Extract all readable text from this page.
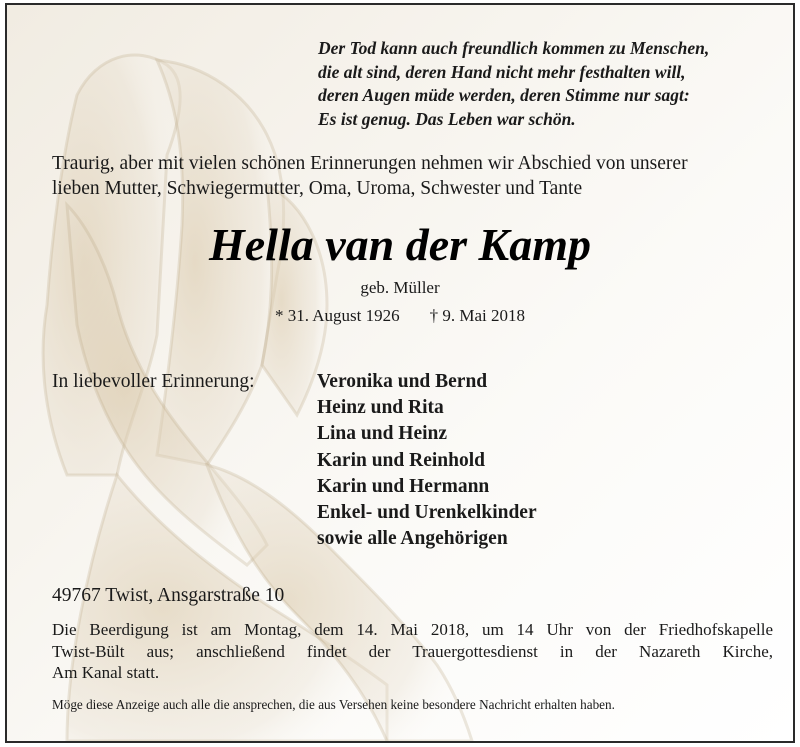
Der Tod kann auch freundlich kommen zu Menschen,
die alt sind, deren Hand nicht mehr festhalten will,
deren Augen müde werden, deren Stimme nur sagt:
Es ist genug. Das Leben war schön.
Traurig, aber mit vielen schönen Erinnerungen nehmen wir Abschied von unserer
lieben Mutter, Schwiegermutter, Oma, Uroma, Schwester und Tante
Hella van der Kamp
geb. Müller
* 31. August 1926 † 9. Mai 2018
In liebevoller Erinnerung:	Veronika und Bernd
Heinz und Rita
Lina und Heinz
Karin und Reinhold
Karin und Hermann
Enkel- und Urenkelkinder
sowie alle Angehörigen
49767 Twist, Ansgarstraße 10
Die Beerdigung ist am Montag, dem 14. Mai 2018, um 14 Uhr von der Friedhofskapelle
Twist-Bült aus; anschließend findet der Trauergottesdienst in der Nazareth Kirche,
Am Kanal statt.
Möge diese Anzeige auch alle die ansprechen, die aus Versehen keine besondere Nachricht erhalten haben.
